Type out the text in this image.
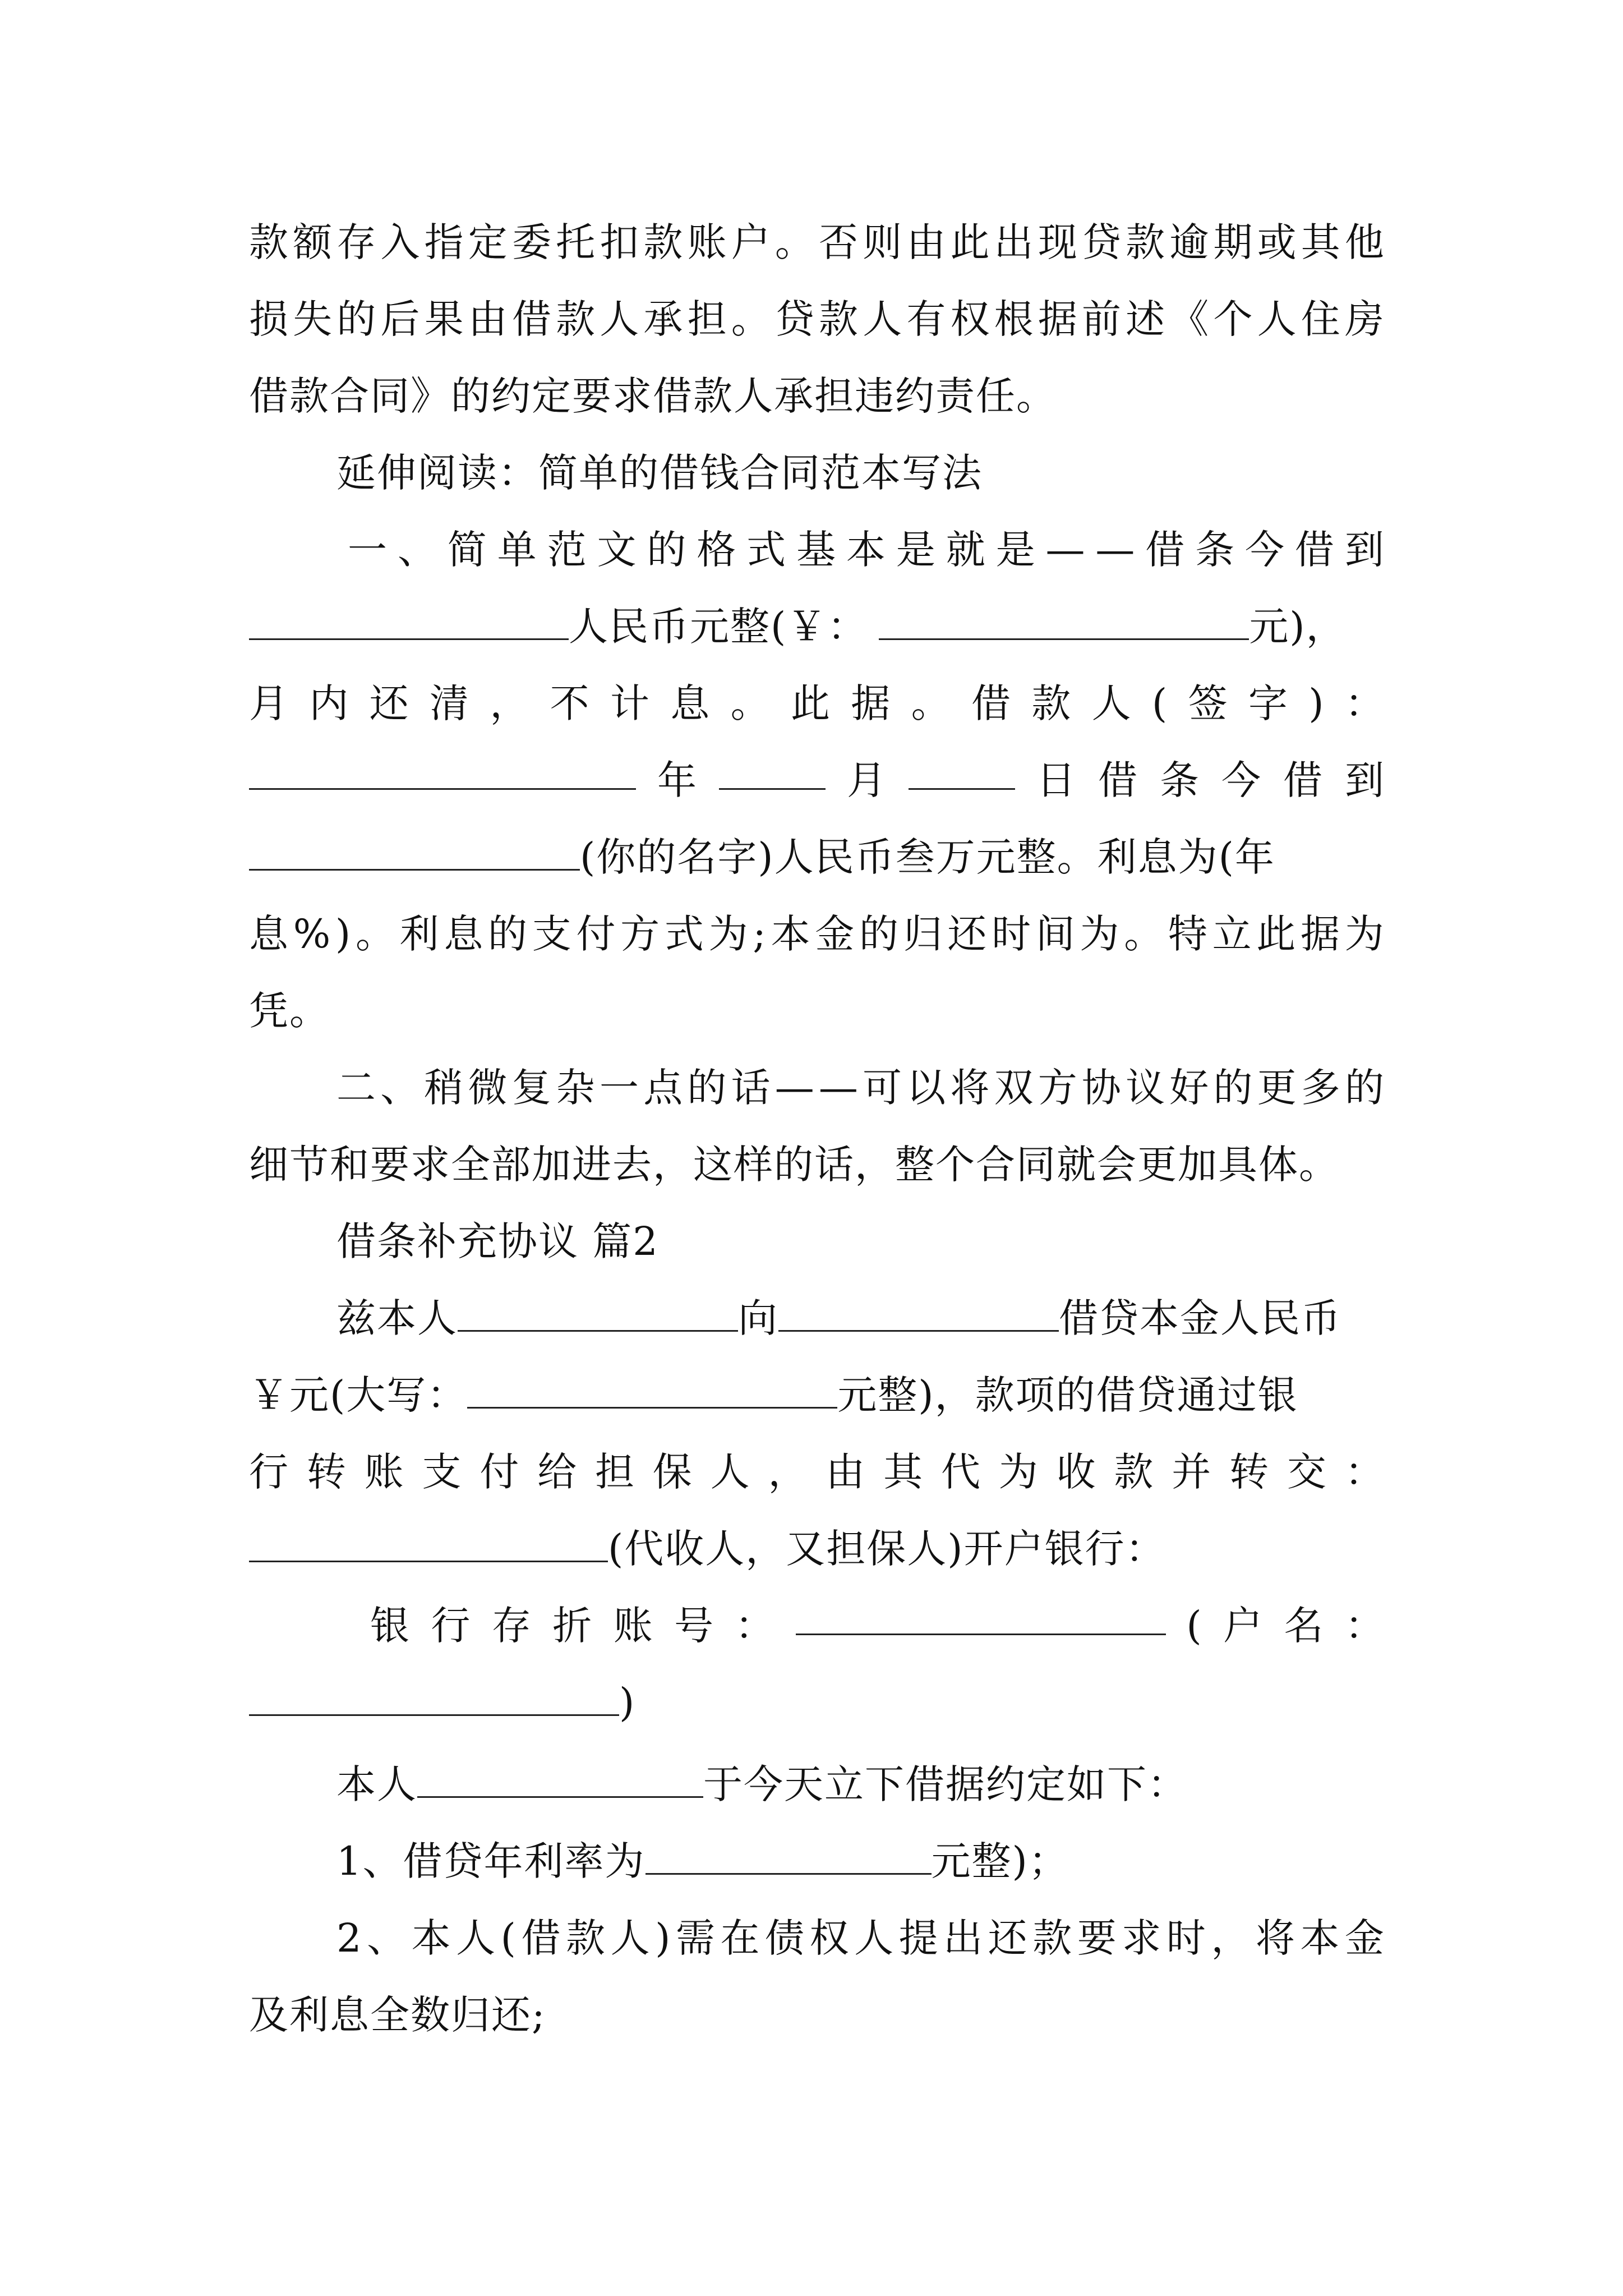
款 额 存 入 指 定 委 托 扣 款 账 户 。 否 则 由 此 出 现 贷 款 逾 期 或 其 他
损 失 的 后 果 由 借 款 人 承 担 。 贷 款 人 有 权 根 据 前 述 《 个 人 住 房
借款合同》的约定要求借款人承担违约责任。
延伸阅读：简单的借钱合同范本写法
一 、 简 单 范 文 的 格 式 基 本 是 就 是 — — 借 条 今 借 到
人民币元整(￥：	元)，
月 内 还 清 ， 不 计 息 。 此 据 。 借 款 人 ( 签 字 ) ：
年	月	日 借 条 今 借 到
(你的名字)人民币叁万元整。利息为(年
息 % ) 。 利 息 的 支 付 方 式 为 ; 本 金 的 归 还 时 间 为 。 特 立 此 据 为
凭。
二 、 稍 微 复 杂 一 点 的 话 — — 可 以 将 双 方 协 议 好 的 更 多 的
细节和要求全部加进去，这样的话，整个合同就会更加具体。
借条补充协议 篇2
兹本人	向	借贷本金人民币
￥元(大写：	元整)，款项的借贷通过银
行 转 账 支 付 给 担 保 人 ， 由 其 代 为 收 款 并 转 交 ：
(代收人，又担保人)开户银行：
银 行 存 折 账 号 ：	( 户 名 ：
)
本人	于今天立下借据约定如下：
1、借贷年利率为	元整)；
2 、 本 人 ( 借 款 人 ) 需 在 债 权 人 提 出 还 款 要 求 时 ， 将 本 金
及利息全数归还;
